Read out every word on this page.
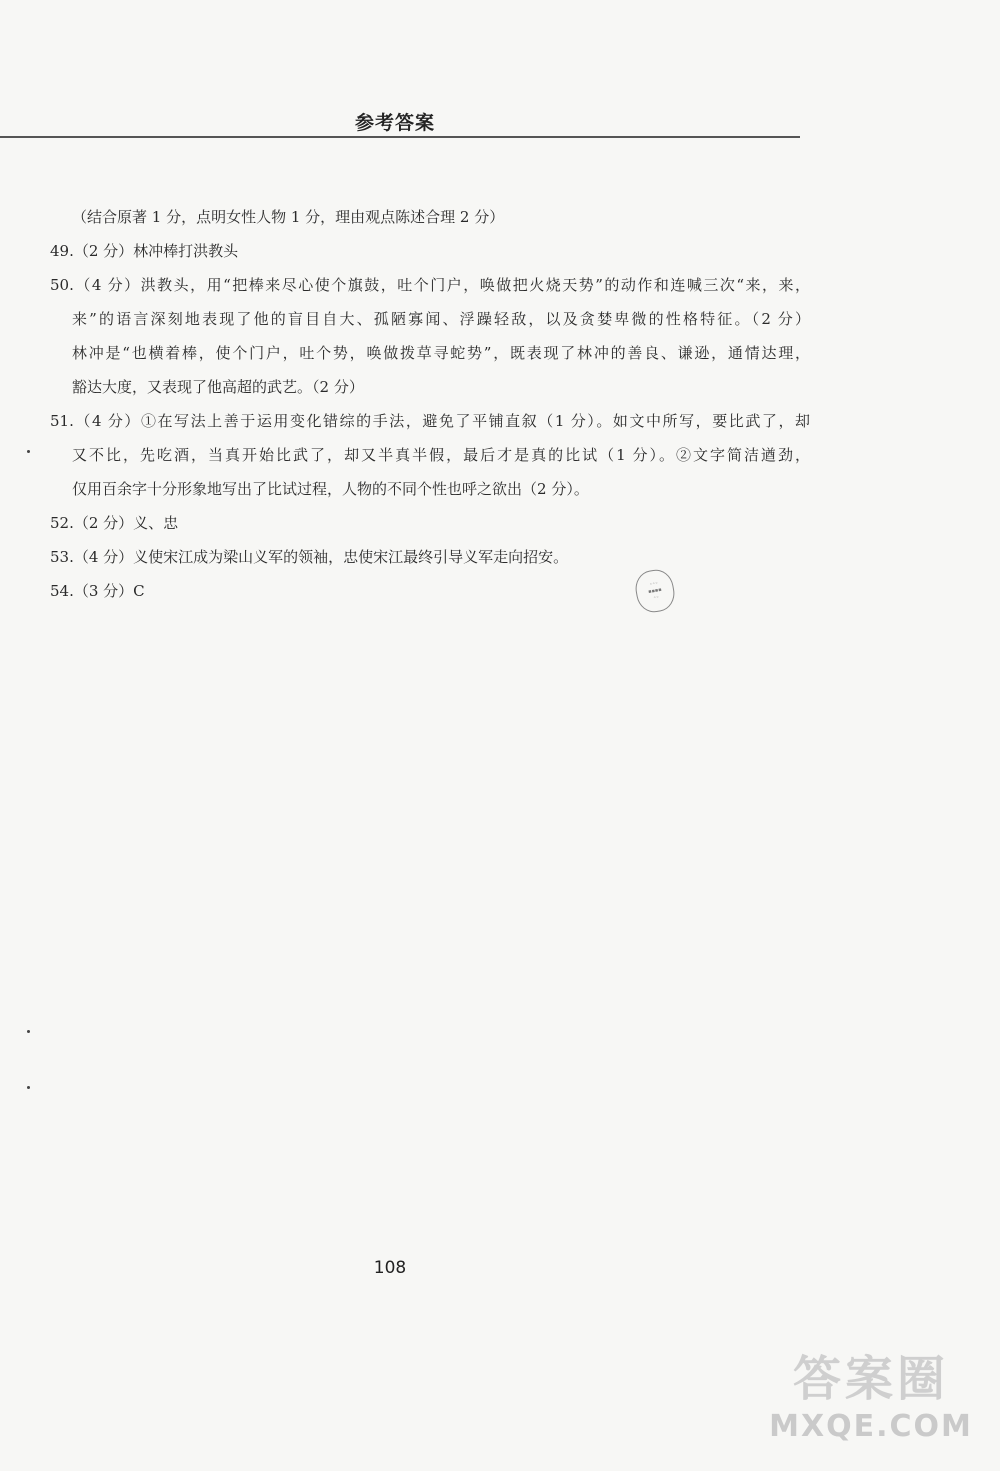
参考答案
（结合原著 1 分，点明女性人物 1 分，理由观点陈述合理 2 分）
49.（2 分）林冲棒打洪教头
50.（4 分）洪教头，用“把棒来尽心使个旗鼓，吐个门户，唤做把火烧天势”的动作和连喊三次“来，来，
来”的语言深刻地表现了他的盲目自大、孤陋寡闻、浮躁轻敌，以及贪婪卑微的性格特征。（2 分）
林冲是“也横着棒，使个门户，吐个势，唤做拨草寻蛇势”，既表现了林冲的善良、谦逊，通情达理，
豁达大度，又表现了他高超的武艺。（2 分）
51.（4 分）①在写法上善于运用变化错综的手法，避免了平铺直叙（1 分）。如文中所写，要比武了，却
又不比，先吃酒，当真开始比武了，却又半真半假，最后才是真的比试（1 分）。②文字简洁遒劲，
仅用百余字十分形象地写出了比试过程，人物的不同个性也呼之欲出（2 分）。
52.（2 分）义、忠
53.（4 分）义使宋江成为梁山义军的领袖，忠使宋江最终引导义军走向招安。
54.（3 分）C	◦◦◦
▪▪▪▪
◦◦
108
答案圈
MXQE.COM
